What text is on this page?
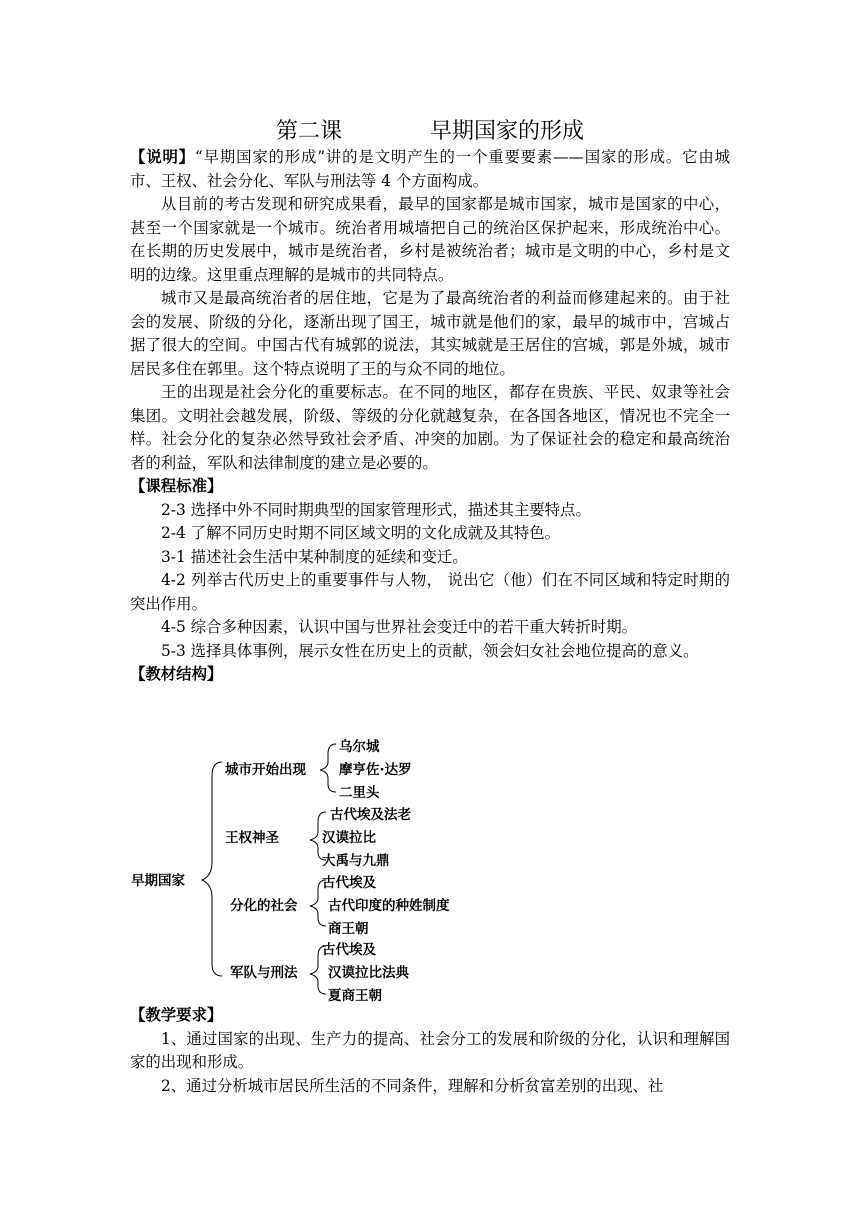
第二课	早期国家的形成

【说明】“早期国家的形成”讲的是文明产生的一个重要要素——国家的形成。它由城市、王权、社会分化、军队与刑法等 4 个方面构成。

从目前的考古发现和研究成果看，最早的国家都是城市国家，城市是国家的中心，甚至一个国家就是一个城市。统治者用城墙把自己的统治区保护起来，形成统治中心。在长期的历史发展中，城市是统治者，乡村是被统治者；城市是文明的中心，乡村是文明的边缘。这里重点理解的是城市的共同特点。

城市又是最高统治者的居住地，它是为了最高统治者的利益而修建起来的。由于社会的发展、阶级的分化，逐渐出现了国王，城市就是他们的家，最早的城市中，宫城占据了很大的空间。中国古代有城郭的说法，其实城就是王居住的宫城，郭是外城，城市居民多住在郭里。这个特点说明了王的与众不同的地位。

王的出现是社会分化的重要标志。在不同的地区，都存在贵族、平民、奴隶等社会集团。文明社会越发展，阶级、等级的分化就越复杂，在各国各地区，情况也不完全一样。社会分化的复杂必然导致社会矛盾、冲突的加剧。为了保证社会的稳定和最高统治者的利益，军队和法律制度的建立是必要的。

【课程标准】

2-3 选择中外不同时期典型的国家管理形式，描述其主要特点。

2-4 了解不同历史时期不同区域文明的文化成就及其特色。

3-1 描述社会生活中某种制度的延续和变迁。

4-2 列举古代历史上的重要事件与人物， 说出它（他）们在不同区域和特定时期的突出作用。

4-5 综合多种因素，认识中国与世界社会变迁中的若干重大转折时期。

5-3 选择具体事例，展示女性在历史上的贡献，领会妇女社会地位提高的意义。

【教材结构】

早期国家
城市开始出现
乌尔城
摩亨佐·达罗
二里头
王权神圣
古代埃及法老
汉谟拉比
大禹与九鼎
分化的社会
古代埃及
古代印度的种姓制度
商王朝
军队与刑法
古代埃及
汉谟拉比法典
夏商王朝

【教学要求】

1、通过国家的出现、生产力的提高、社会分工的发展和阶级的分化，认识和理解国家的出现和形成。

2、通过分析城市居民所生活的不同条件，理解和分析贫富差别的出现、社
